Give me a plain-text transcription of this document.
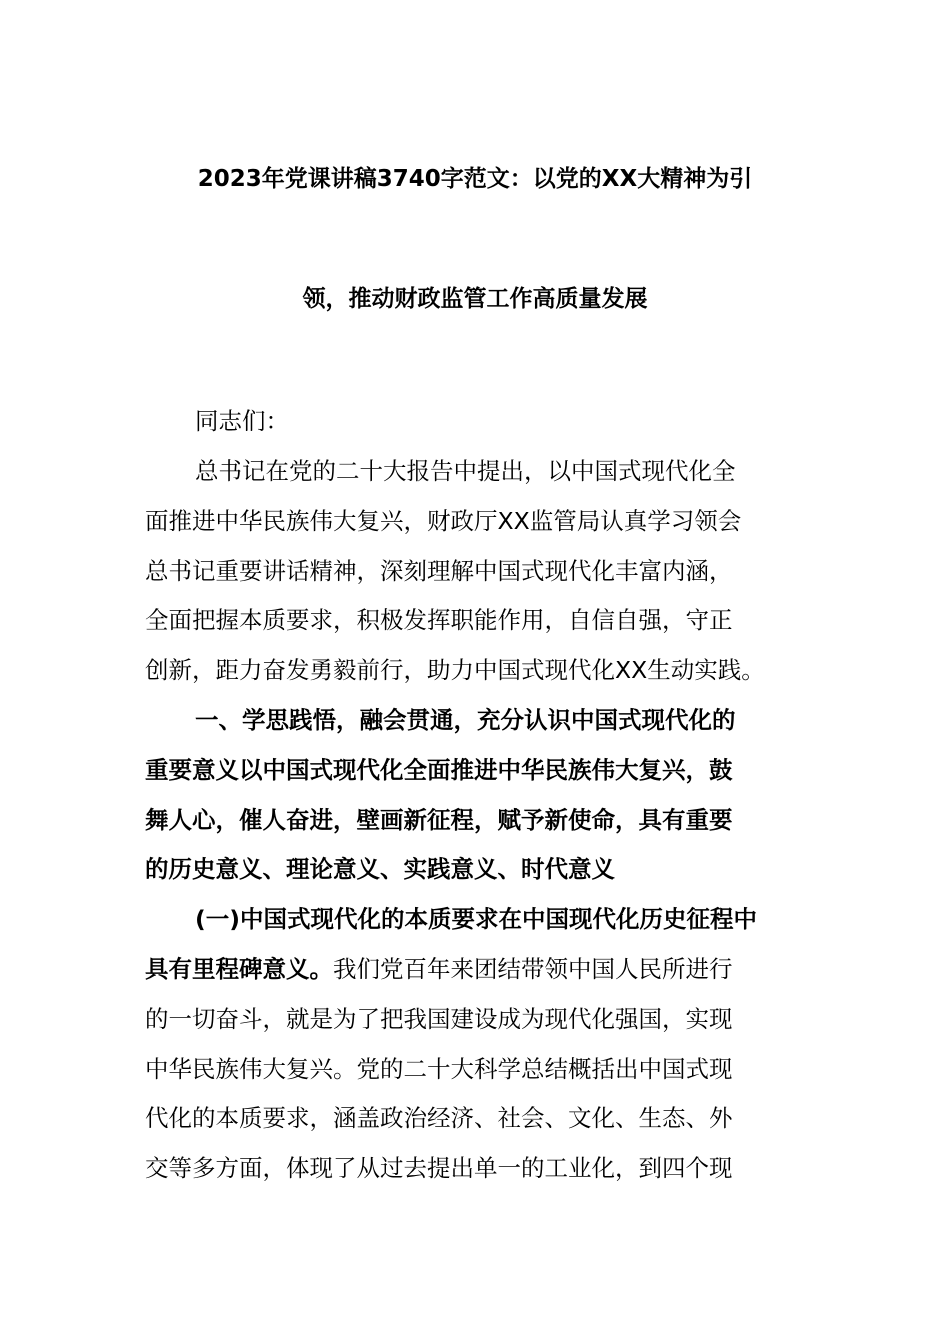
2023年党课讲稿3740字范文：以党的XX大精神为引
领，推动财政监管工作高质量发展
同志们：
总书记在党的二十大报告中提出，以中国式现代化全
面推进中华民族伟大复兴，财政厅XX监管局认真学习领会
总书记重要讲话精神，深刻理解中国式现代化丰富内涵，
全面把握本质要求，积极发挥职能作用，自信自强，守正
创新，距力奋发勇毅前行，助力中国式现代化XX生动实践。
一、学思践悟，融会贯通，充分认识中国式现代化的
重要意义以中国式现代化全面推进中华民族伟大复兴，鼓
舞人心，催人奋进，壁画新征程，赋予新使命，具有重要
的历史意义、理论意义、实践意义、时代意义
(一)中国式现代化的本质要求在中国现代化历史征程中
具有里程碑意义。我们党百年来团结带领中国人民所进行
的一切奋斗，就是为了把我国建设成为现代化强国，实现
中华民族伟大复兴。党的二十大科学总结概括出中国式现
代化的本质要求，涵盖政治经济、社会、文化、生态、外
交等多方面，体现了从过去提出单一的工业化，到四个现
